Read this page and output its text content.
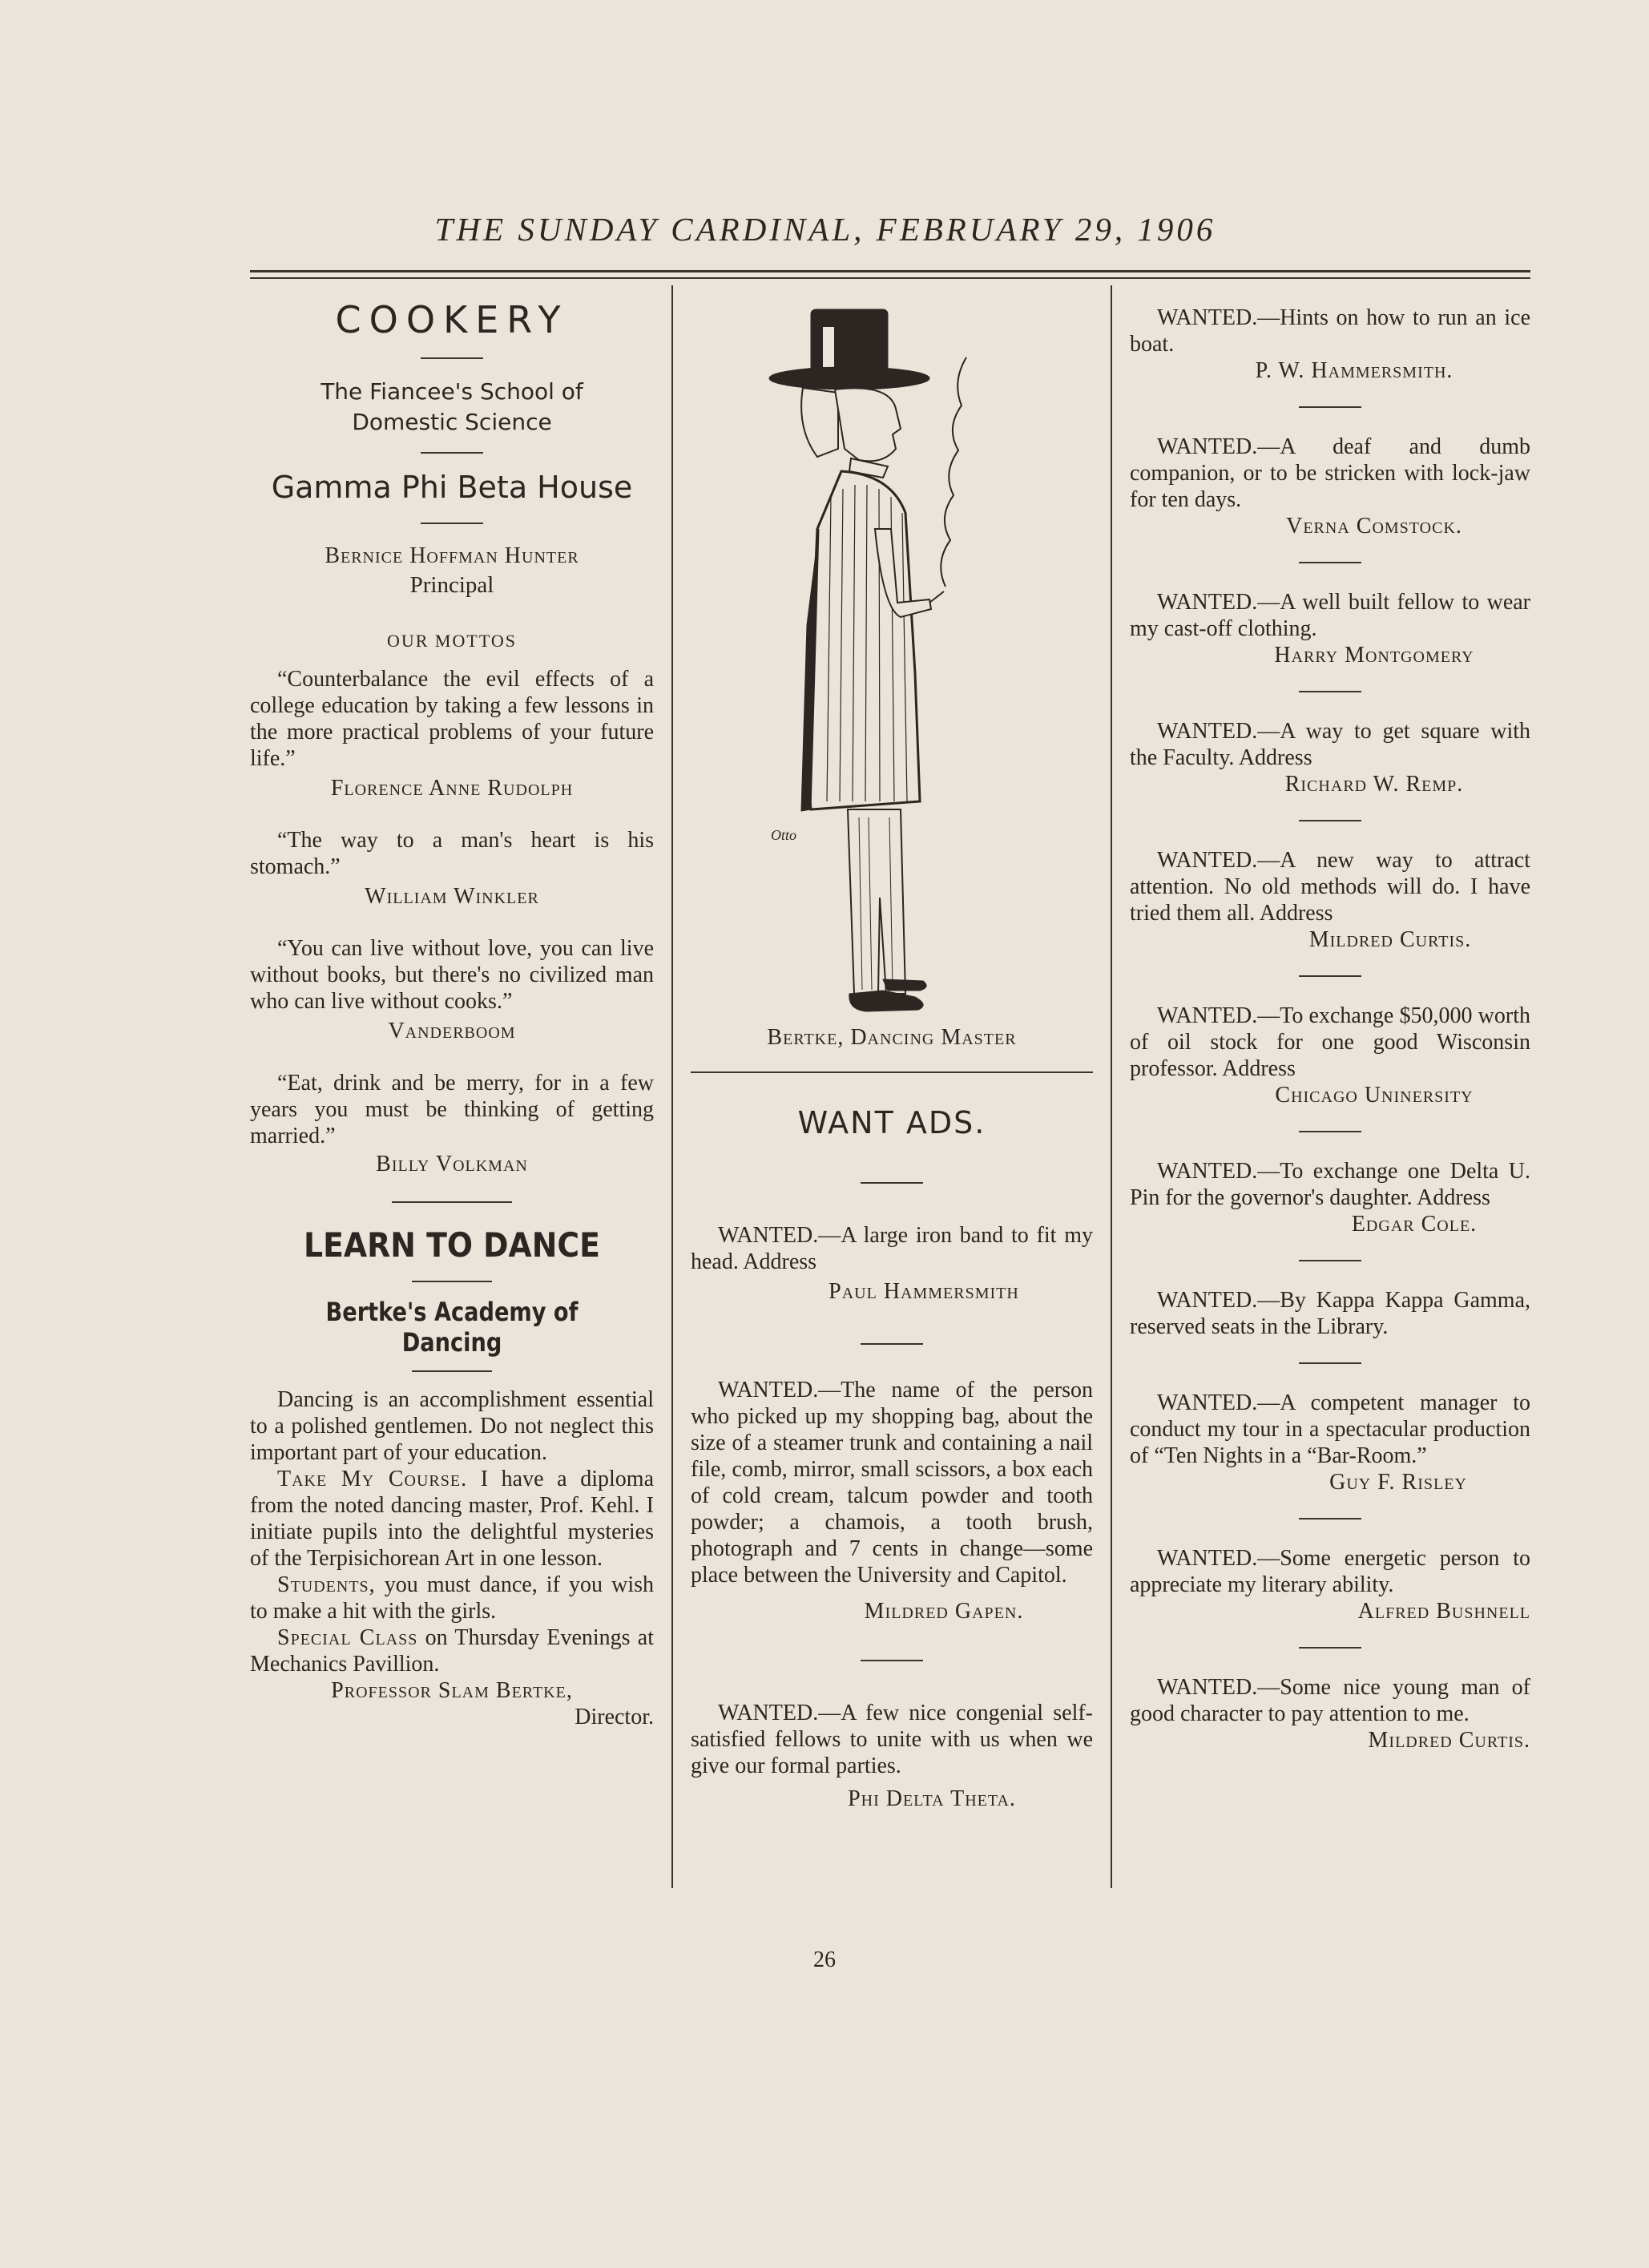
THE SUNDAY CARDINAL, FEBRUARY 29, 1906
COOKERY
The Fiancee's School of Domestic Science
Gamma Phi Beta House
Bernice Hoffman Hunter
Principal
OUR MOTTOS

“Counterbalance the evil effects of a college education by taking a few lessons in the more practical problems of your future life.”

Florence Anne Rudolph

“The way to a man's heart is his stomach.”

William Winkler

“You can live without love, you can live without books, but there's no civilized man who can live without cooks.”

Vanderboom

“Eat, drink and be merry, for in a few years you must be thinking of getting married.”

Billy Volkman

LEARN TO DANCE
Bertke's Academy of Dancing

Dancing is an accomplishment essential to a polished gentlemen. Do not neglect this important part of your education.

Take My Course. I have a diploma from the noted dancing master, Prof. Kehl. I initiate pupils into the delightful mysteries of the Terpisichorean Art in one lesson.

Students, you must dance, if you wish to make a hit with the girls.

Special Class on Thursday Evenings at Mechanics Pavillion.

Professor Slam Bertke,

Director.

Otto
Bertke, Dancing Master
WANT ADS.

WANTED.—A large iron band to fit my head. Address

Paul Hammersmith

WANTED.—The name of the person who picked up my shopping bag, about the size of a steamer trunk and containing a nail file, comb, mirror, small scissors, a box each of cold cream, talcum powder and tooth powder; a chamois, a tooth brush, photograph and 7 cents in change—some place between the University and Capitol.

Mildred Gapen.

WANTED.—A few nice congenial self-satisfied fellows to unite with us when we give our formal parties.

Phi Delta Theta.

WANTED.—Hints on how to run an ice boat.

P. W. Hammersmith.

WANTED.—A deaf and dumb companion, or to be stricken with lock-jaw for ten days.

Verna Comstock.

WANTED.—A well built fellow to wear my cast-off clothing.

Harry Montgomery

WANTED.—A way to get square with the Faculty. Address

Richard W. Remp.

WANTED.—A new way to attract attention. No old methods will do. I have tried them all. Address

Mildred Curtis.

WANTED.—To exchange $50,000 worth of oil stock for one good Wisconsin professor. Address

Chicago Uninersity

WANTED.—To exchange one Delta U. Pin for the governor's daughter. Address

Edgar Cole.

WANTED.—By Kappa Kappa Gamma, reserved seats in the Library.

WANTED.—A competent manager to conduct my tour in a spectacular production of “Ten Nights in a “Bar-Room.”

Guy F. Risley

WANTED.—Some energetic person to appreciate my literary ability.

Alfred Bushnell

WANTED.—Some nice young man of good character to pay attention to me.

Mildred Curtis.

26
